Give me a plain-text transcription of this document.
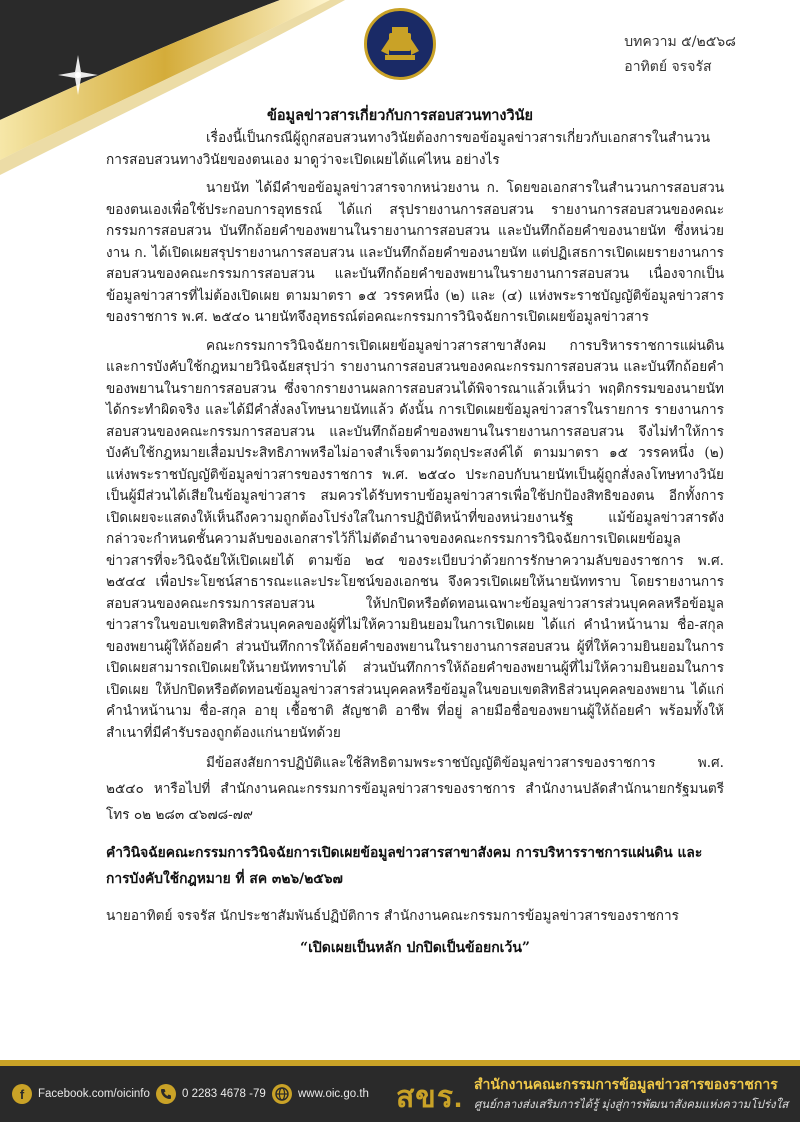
บทความ ๕/๒๕๖๘
อาทิตย์ จรจรัส
ข้อมูลข่าวสารเกี่ยวกับการสอบสวนทางวินัย

เรื่องนี้เป็นกรณีผู้ถูกสอบสวนทางวินัยต้องการขอข้อมูลข่าวสารเกี่ยวกับเอกสารในสำนวนการสอบสวนทางวินัยของตนเอง มาดูว่าจะเปิดเผยได้แค่ไหน อย่างไร

นายนัท ได้มีคำขอข้อมูลข่าวสารจากหน่วยงาน ก. โดยขอเอกสารในสำนวนการสอบสวนของตนเองเพื่อใช้ประกอบการอุทธรณ์ ได้แก่ สรุปรายงานการสอบสวน รายงานการสอบสวนของคณะกรรมการสอบสวน บันทึกถ้อยคำของพยานในรายงานการสอบสวน และบันทึกถ้อยคำของนายนัท ซึ่งหน่วยงาน ก. ได้เปิดเผยสรุปรายงานการสอบสวน และบันทึกถ้อยคำของนายนัท แต่ปฏิเสธการเปิดเผยรายงานการสอบสวนของคณะกรรมการสอบสวน และบันทึกถ้อยคำของพยานในรายงานการสอบสวน เนื่องจากเป็นข้อมูลข่าวสารที่ไม่ต้องเปิดเผย ตามมาตรา ๑๕ วรรคหนึ่ง (๒) และ (๔) แห่งพระราชบัญญัติข้อมูลข่าวสารของราชการ พ.ศ. ๒๕๔๐ นายนัทจึงอุทธรณ์ต่อคณะกรรมการวินิจฉัยการเปิดเผยข้อมูลข่าวสาร

คณะกรรมการวินิจฉัยการเปิดเผยข้อมูลข่าวสารสาขาสังคม การบริหารราชการแผ่นดิน และการบังคับใช้กฎหมายวินิจฉัยสรุปว่า รายงานการสอบสวนของคณะกรรมการสอบสวน และบันทึกถ้อยคำของพยานในรายการสอบสวน ซึ่งจากรายงานผลการสอบสวนได้พิจารณาแล้วเห็นว่า พฤติกรรมของนายนัทได้กระทำผิดจริง และได้มีคำสั่งลงโทษนายนัทแล้ว ดังนั้น การเปิดเผยข้อมูลข่าวสารในรายการ รายงานการสอบสวนของคณะกรรมการสอบสวน และบันทึกถ้อยคำของพยานในรายงานการสอบสวน จึงไม่ทำให้การบังคับใช้กฎหมายเสื่อมประสิทธิภาพหรือไม่อาจสำเร็จตามวัตถุประสงค์ได้ ตามมาตรา ๑๕ วรรคหนึ่ง (๒) แห่งพระราชบัญญัติข้อมูลข่าวสารของราชการ พ.ศ. ๒๕๔๐ ประกอบกับนายนัทเป็นผู้ถูกสั่งลงโทษทางวินัย เป็นผู้มีส่วนได้เสียในข้อมูลข่าวสาร สมควรได้รับทราบข้อมูลข่าวสารเพื่อใช้ปกป้องสิทธิของตน อีกทั้งการเปิดเผยจะแสดงให้เห็นถึงความถูกต้องโปร่งใสในการปฏิบัติหน้าที่ของหน่วยงานรัฐ แม้ข้อมูลข่าวสารดังกล่าวจะกำหนดชั้นความลับของเอกสารไว้ก็ไม่ตัดอำนาจของคณะกรรมการวินิจฉัยการเปิดเผยข้อมูลข่าวสารที่จะวินิจฉัยให้เปิดเผยได้ ตามข้อ ๒๔ ของระเบียบว่าด้วยการรักษาความลับของราชการ พ.ศ. ๒๕๔๔ เพื่อประโยชน์สาธารณะและประโยชน์ของเอกชน จึงควรเปิดเผยให้นายนัททราบ โดยรายงานการสอบสวนของคณะกรรมการสอบสวน ให้ปกปิดหรือตัดทอนเฉพาะข้อมูลข่าวสารส่วนบุคคลหรือข้อมูลข่าวสารในขอบเขตสิทธิส่วนบุคคลของผู้ที่ไม่ให้ความยินยอมในการเปิดเผย ได้แก่ คำนำหน้านาม ชื่อ-สกุล ของพยานผู้ให้ถ้อยคำ ส่วนบันทึกการให้ถ้อยคำของพยานในรายงานการสอบสวน ผู้ที่ให้ความยินยอมในการเปิดเผยสามารถเปิดเผยให้นายนัททราบได้ ส่วนบันทึกการให้ถ้อยคำของพยานผู้ที่ไม่ให้ความยินยอมในการเปิดเผย ให้ปกปิดหรือตัดทอนข้อมูลข่าวสารส่วนบุคคลหรือข้อมูลในขอบเขตสิทธิส่วนบุคคลของพยาน ได้แก่ คำนำหน้านาม ชื่อ-สกุล อายุ เชื้อชาติ สัญชาติ อาชีพ ที่อยู่ ลายมือชื่อของพยานผู้ให้ถ้อยคำ พร้อมทั้งให้สำเนาที่มีคำรับรองถูกต้องแก่นายนัทด้วย

มีข้อสงสัยการปฏิบัติและใช้สิทธิตามพระราชบัญญัติข้อมูลข่าวสารของราชการ พ.ศ. ๒๕๔๐ หารือไปที่ สำนักงานคณะกรรมการข้อมูลข่าวสารของราชการ สำนักงานปลัดสำนักนายกรัฐมนตรี โทร ๐๒ ๒๘๓ ๔๖๗๘-๗๙

คำวินิจฉัยคณะกรรมการวินิจฉัยการเปิดเผยข้อมูลข่าวสารสาขาสังคม การบริหารราชการแผ่นดิน และการบังคับใช้กฎหมาย ที่ สค ๓๒๖/๒๕๖๗

นายอาทิตย์ จรจรัส นักประชาสัมพันธ์ปฏิบัติการ สำนักงานคณะกรรมการข้อมูลข่าวสารของราชการ

“เปิดเผยเป็นหลัก ปกปิดเป็นข้อยกเว้น”

f	Facebook.com/oicinfo	0 2283 4678 -79	www.oic.go.th สขร. สำนักงานคณะกรรมการข้อมูลข่าวสารของราชการ
ศูนย์กลางส่งเสริมการได้รู้ มุ่งสู่การพัฒนาสังคมแห่งความโปร่งใส
